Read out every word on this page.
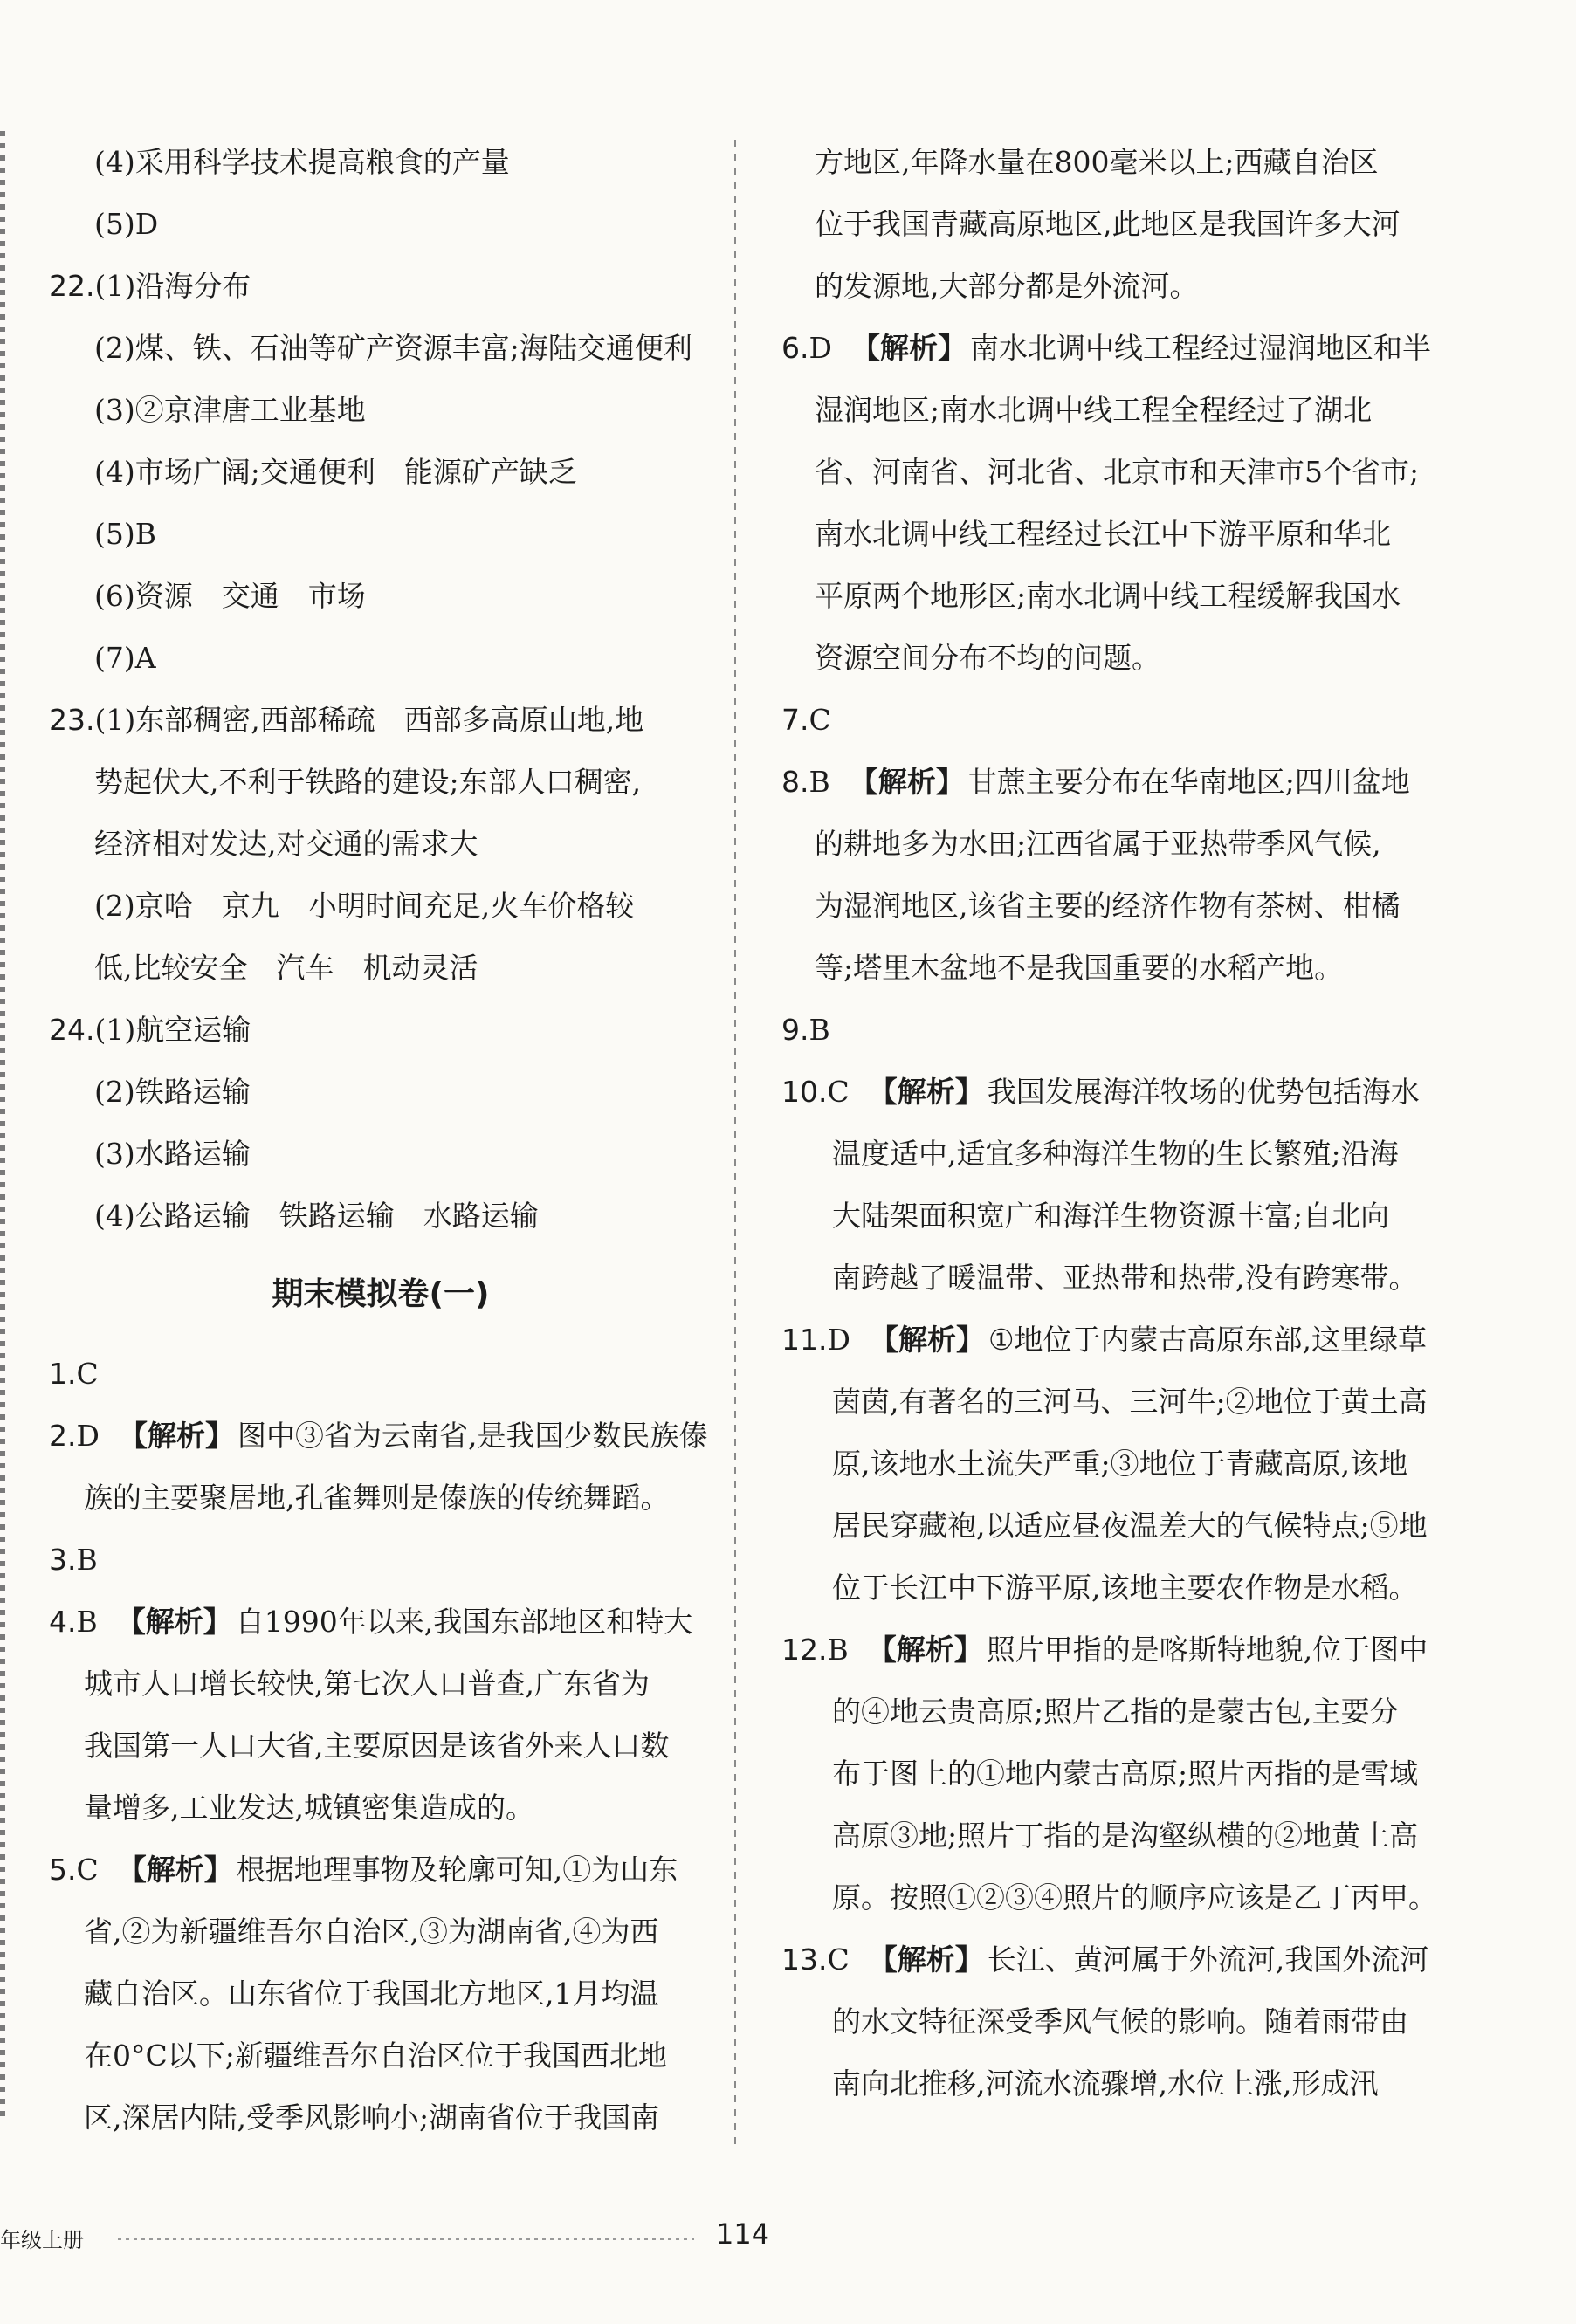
(4)采用科学技术提高粮食的产量
(5)D
22.(1)沿海分布
(2)煤、铁、石油等矿产资源丰富;海陆交通便利
(3)②京津唐工业基地
(4)市场广阔;交通便利　能源矿产缺乏
(5)B
(6)资源　交通　市场
(7)A
23.(1)东部稠密,西部稀疏　西部多高原山地,地
势起伏大,不利于铁路的建设;东部人口稠密,
经济相对发达,对交通的需求大
(2)京哈　京九　小明时间充足,火车价格较
低,比较安全　汽车　机动灵活
24.(1)航空运输
(2)铁路运输
(3)水路运输
(4)公路运输　铁路运输　水路运输
期末模拟卷(一)
1.C
2.D 【解析】 图中③省为云南省,是我国少数民族傣
族的主要聚居地,孔雀舞则是傣族的传统舞蹈。
3.B
4.B 【解析】 自1990年以来,我国东部地区和特大
城市人口增长较快,第七次人口普查,广东省为
我国第一人口大省,主要原因是该省外来人口数
量增多,工业发达,城镇密集造成的。
5.C 【解析】 根据地理事物及轮廓可知,①为山东
省,②为新疆维吾尔自治区,③为湖南省,④为西
藏自治区。山东省位于我国北方地区,1月均温
在0°C以下;新疆维吾尔自治区位于我国西北地
区,深居内陆,受季风影响小;湖南省位于我国南
方地区,年降水量在800毫米以上;西藏自治区
位于我国青藏高原地区,此地区是我国许多大河
的发源地,大部分都是外流河。
6.D 【解析】 南水北调中线工程经过湿润地区和半
湿润地区;南水北调中线工程全程经过了湖北
省、河南省、河北省、北京市和天津市5个省市;
南水北调中线工程经过长江中下游平原和华北
平原两个地形区;南水北调中线工程缓解我国水
资源空间分布不均的问题。
7.C
8.B 【解析】 甘蔗主要分布在华南地区;四川盆地
的耕地多为水田;江西省属于亚热带季风气候,
为湿润地区,该省主要的经济作物有茶树、柑橘
等;塔里木盆地不是我国重要的水稻产地。
9.B
10.C 【解析】 我国发展海洋牧场的优势包括海水
温度适中,适宜多种海洋生物的生长繁殖;沿海
大陆架面积宽广和海洋生物资源丰富;自北向
南跨越了暖温带、亚热带和热带,没有跨寒带。
11.D 【解析】 ①地位于内蒙古高原东部,这里绿草
茵茵,有著名的三河马、三河牛;②地位于黄土高
原,该地水土流失严重;③地位于青藏高原,该地
居民穿藏袍,以适应昼夜温差大的气候特点;⑤地
位于长江中下游平原,该地主要农作物是水稻。
12.B 【解析】 照片甲指的是喀斯特地貌,位于图中
的④地云贵高原;照片乙指的是蒙古包,主要分
布于图上的①地内蒙古高原;照片丙指的是雪域
高原③地;照片丁指的是沟壑纵横的②地黄土高
原。按照①②③④照片的顺序应该是乙丁丙甲。
13.C 【解析】 长江、黄河属于外流河,我国外流河
的水文特征深受季风气候的影响。随着雨带由
南向北推移,河流水流骤增,水位上涨,形成汛
年级上册	114
